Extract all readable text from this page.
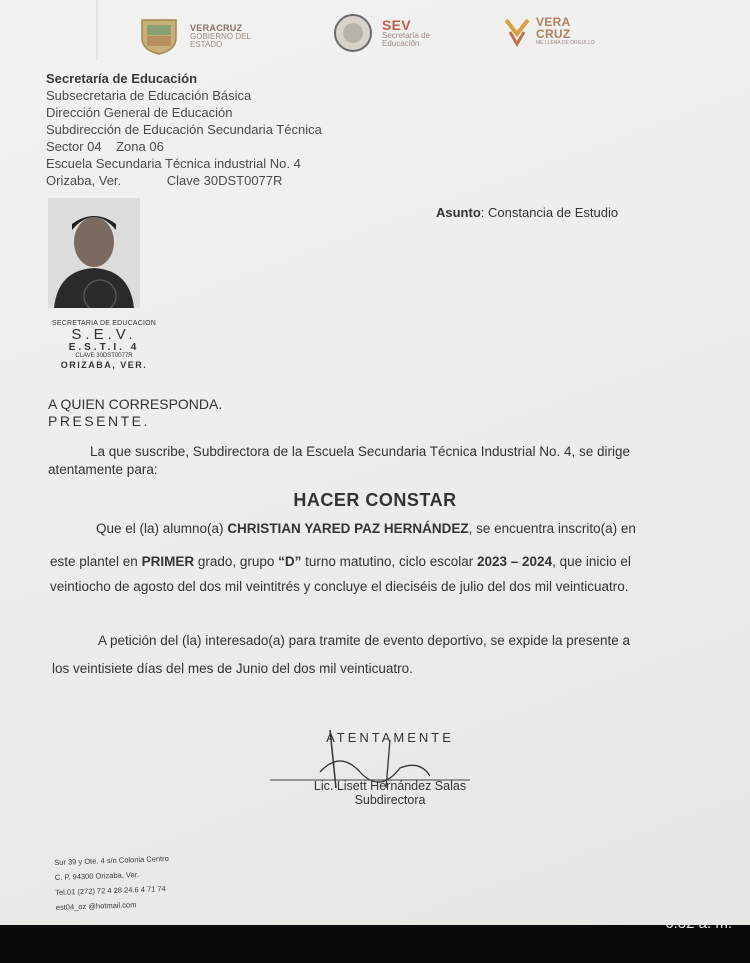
VERACRUZ
GOBIERNO DEL ESTADO
SEV
Secretaría de Educación
VERA CRUZ
ME LLENA DE ORGULLO
Secretaría de Educación
Subsecretaria de Educación Básica
Dirección General de Educación
Subdirección de Educación Secundaria Técnica
Sector 04    Zona 06
Escuela Secundaria Técnica industrial No. 4
Orizaba, Ver.	Clave 30DST0077R
Asunto: Constancia de Estudio
SECRETARIA DE EDUCACION
S.E.V.
E.S.T.I. 4
CLAVE 30DST0077R
ORIZABA, VER.
A QUIEN CORRESPONDA.
PRESENTE.
La que suscribe, Subdirectora de la Escuela Secundaria Técnica Industrial No. 4, se dirige
atentamente para:
HACER CONSTAR
Que el (la) alumno(a) CHRISTIAN YARED PAZ HERNÁNDEZ, se encuentra inscrito(a) en
este plantel en PRIMER grado, grupo “D” turno matutino, ciclo escolar 2023 – 2024, que inicio el
veintiocho de agosto del dos mil veintitrés y concluye el dieciséis de julio del dos mil veinticuatro.
A petición del (la) interesado(a) para tramite de evento deportivo, se expide la presente a
los veintisiete días del mes de Junio del dos mil veinticuatro.
ATENTAMENTE
Lic. Lisett Hernández Salas
Subdirectora
Sur 39 y Ote. 4 s/n Colonia Centro
C. P. 94300 Orizaba, Ver.
Tel.01 (272) 72 4 28 24.6 4 71 74
est04_oz @hotmail.com
6:32 a. m.
